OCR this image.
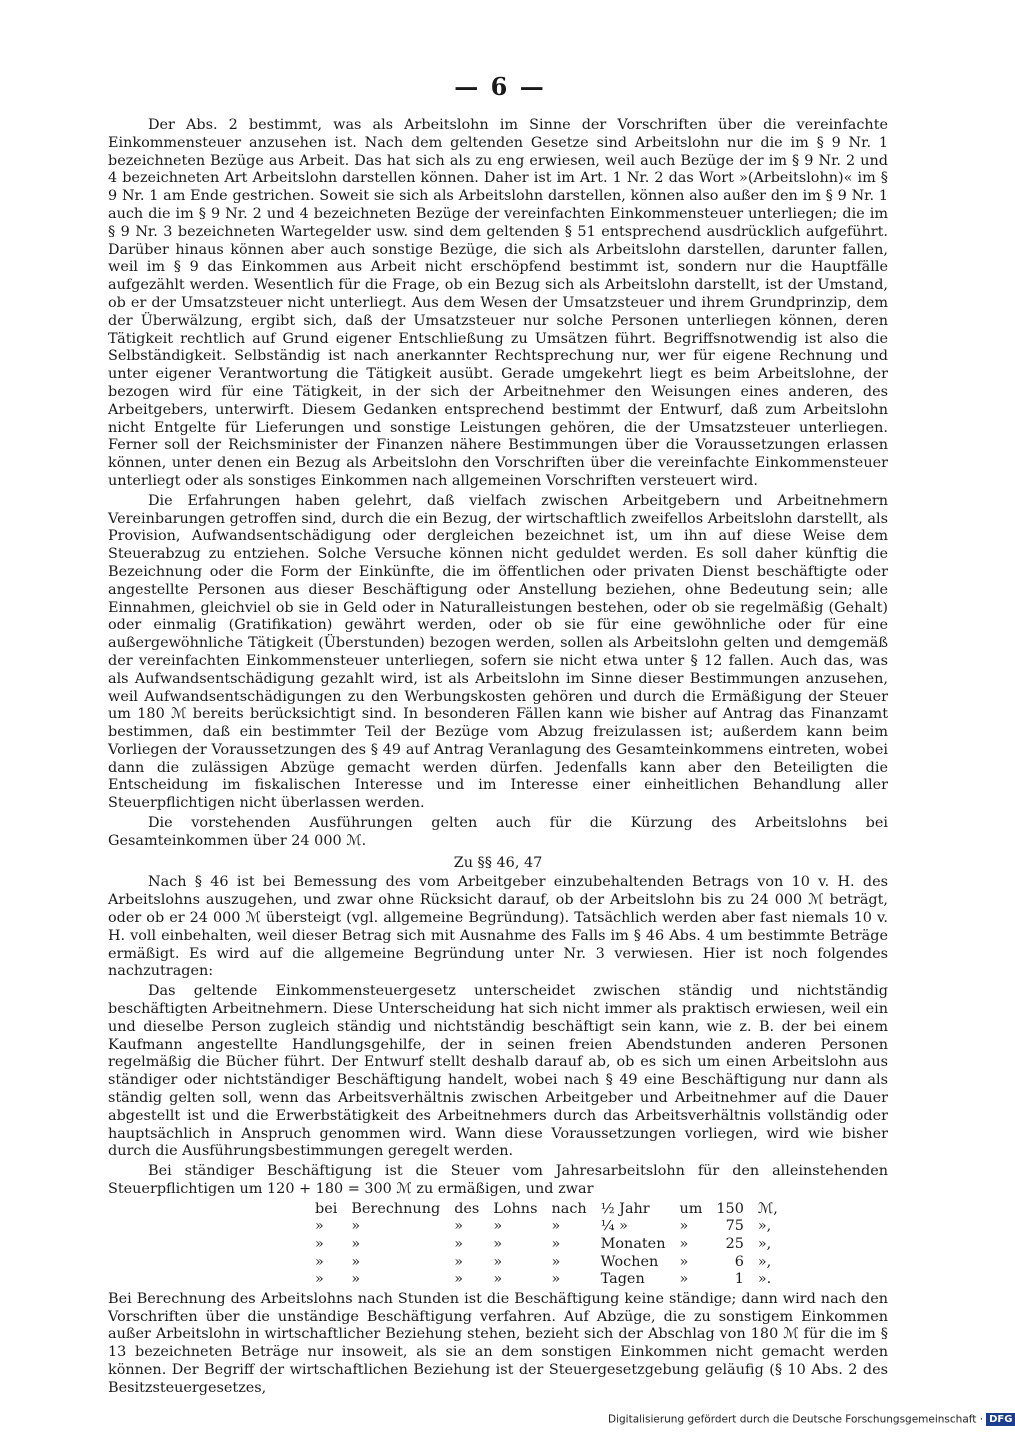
— 6 —

Der Abs. 2 bestimmt, was als Arbeitslohn im Sinne der Vorschriften über die vereinfachte Einkommensteuer anzusehen ist. Nach dem geltenden Gesetze sind Arbeitslohn nur die im § 9 Nr. 1 bezeichneten Bezüge aus Arbeit. Das hat sich als zu eng erwiesen, weil auch Bezüge der im § 9 Nr. 2 und 4 bezeichneten Art Arbeitslohn darstellen können. Daher ist im Art. 1 Nr. 2 das Wort »(Arbeitslohn)« im § 9 Nr. 1 am Ende gestrichen. Soweit sie sich als Arbeitslohn darstellen, können also außer den im § 9 Nr. 1 auch die im § 9 Nr. 2 und 4 bezeichneten Bezüge der vereinfachten Einkommensteuer unterliegen; die im § 9 Nr. 3 bezeichneten Wartegelder usw. sind dem geltenden § 51 entsprechend ausdrücklich aufgeführt. Darüber hinaus können aber auch sonstige Bezüge, die sich als Arbeitslohn darstellen, darunter fallen, weil im § 9 das Einkommen aus Arbeit nicht erschöpfend bestimmt ist, sondern nur die Hauptfälle aufgezählt werden. Wesentlich für die Frage, ob ein Bezug sich als Arbeitslohn darstellt, ist der Umstand, ob er der Umsatzsteuer nicht unterliegt. Aus dem Wesen der Umsatzsteuer und ihrem Grundprinzip, dem der Überwälzung, ergibt sich, daß der Umsatzsteuer nur solche Personen unterliegen können, deren Tätigkeit rechtlich auf Grund eigener Entschließung zu Umsätzen führt. Begriffsnotwendig ist also die Selbständigkeit. Selbständig ist nach anerkannter Rechtsprechung nur, wer für eigene Rechnung und unter eigener Verantwortung die Tätigkeit ausübt. Gerade umgekehrt liegt es beim Arbeitslohne, der bezogen wird für eine Tätigkeit, in der sich der Arbeitnehmer den Weisungen eines anderen, des Arbeitgebers, unterwirft. Diesem Gedanken entsprechend bestimmt der Entwurf, daß zum Arbeitslohn nicht Entgelte für Lieferungen und sonstige Leistungen gehören, die der Umsatzsteuer unterliegen. Ferner soll der Reichsminister der Finanzen nähere Bestimmungen über die Voraussetzungen erlassen können, unter denen ein Bezug als Arbeitslohn den Vorschriften über die vereinfachte Einkommensteuer unterliegt oder als sonstiges Einkommen nach allgemeinen Vorschriften versteuert wird.

Die Erfahrungen haben gelehrt, daß vielfach zwischen Arbeitgebern und Arbeitnehmern Vereinbarungen getroffen sind, durch die ein Bezug, der wirtschaftlich zweifellos Arbeitslohn darstellt, als Provision, Aufwandsentschädigung oder dergleichen bezeichnet ist, um ihn auf diese Weise dem Steuerabzug zu entziehen. Solche Versuche können nicht geduldet werden. Es soll daher künftig die Bezeichnung oder die Form der Einkünfte, die im öffentlichen oder privaten Dienst beschäftigte oder angestellte Personen aus dieser Beschäftigung oder Anstellung beziehen, ohne Bedeutung sein; alle Einnahmen, gleichviel ob sie in Geld oder in Naturalleistungen bestehen, oder ob sie regelmäßig (Gehalt) oder einmalig (Gratifikation) gewährt werden, oder ob sie für eine gewöhnliche oder für eine außergewöhnliche Tätigkeit (Überstunden) bezogen werden, sollen als Arbeitslohn gelten und demgemäß der vereinfachten Einkommensteuer unterliegen, sofern sie nicht etwa unter § 12 fallen. Auch das, was als Aufwandsentschädigung gezahlt wird, ist als Arbeitslohn im Sinne dieser Bestimmungen anzusehen, weil Aufwandsentschädigungen zu den Werbungskosten gehören und durch die Ermäßigung der Steuer um 180 ℳ bereits berücksichtigt sind. In besonderen Fällen kann wie bisher auf Antrag das Finanzamt bestimmen, daß ein bestimmter Teil der Bezüge vom Abzug freizulassen ist; außerdem kann beim Vorliegen der Voraussetzungen des § 49 auf Antrag Veranlagung des Gesamteinkommens eintreten, wobei dann die zulässigen Abzüge gemacht werden dürfen. Jedenfalls kann aber den Beteiligten die Entscheidung im fiskalischen Interesse und im Interesse einer einheitlichen Behandlung aller Steuerpflichtigen nicht überlassen werden.

Die vorstehenden Ausführungen gelten auch für die Kürzung des Arbeitslohns bei Gesamteinkommen über 24 000 ℳ.

Zu §§ 46, 47

Nach § 46 ist bei Bemessung des vom Arbeitgeber einzubehaltenden Betrags von 10 v. H. des Arbeitslohns auszugehen, und zwar ohne Rücksicht darauf, ob der Arbeitslohn bis zu 24 000 ℳ beträgt, oder ob er 24 000 ℳ übersteigt (vgl. allgemeine Begründung). Tatsächlich werden aber fast niemals 10 v. H. voll einbehalten, weil dieser Betrag sich mit Ausnahme des Falls im § 46 Abs. 4 um bestimmte Beträge ermäßigt. Es wird auf die allgemeine Begründung unter Nr. 3 verwiesen. Hier ist noch folgendes nachzutragen:

Das geltende Einkommensteuergesetz unterscheidet zwischen ständig und nichtständig beschäftigten Arbeitnehmern. Diese Unterscheidung hat sich nicht immer als praktisch erwiesen, weil ein und dieselbe Person zugleich ständig und nichtständig beschäftigt sein kann, wie z. B. der bei einem Kaufmann angestellte Handlungsgehilfe, der in seinen freien Abendstunden anderen Personen regelmäßig die Bücher führt. Der Entwurf stellt deshalb darauf ab, ob es sich um einen Arbeitslohn aus ständiger oder nichtständiger Beschäftigung handelt, wobei nach § 49 eine Beschäftigung nur dann als ständig gelten soll, wenn das Arbeitsverhältnis zwischen Arbeitgeber und Arbeitnehmer auf die Dauer abgestellt ist und die Erwerbstätigkeit des Arbeitnehmers durch das Arbeitsverhältnis vollständig oder hauptsächlich in Anspruch genommen wird. Wann diese Voraussetzungen vorliegen, wird wie bisher durch die Ausführungsbestimmungen geregelt werden.

Bei ständiger Beschäftigung ist die Steuer vom Jahresarbeitslohn für den alleinstehenden Steuerpflichtigen um 120 + 180 = 300 ℳ zu ermäßigen, und zwar

bei	Berechnung	des	Lohns	nach	½ Jahr	um	150	ℳ,
»	»	»	»	»	¼ »	»	75	»,
»	»	»	»	»	Monaten	»	25	»,
»	»	»	»	»	Wochen	»	6	»,
»	»	»	»	»	Tagen	»	1	».

Bei Berechnung des Arbeitslohns nach Stunden ist die Beschäftigung keine ständige; dann wird nach den Vorschriften über die unständige Beschäftigung verfahren. Auf Abzüge, die zu sonstigem Einkommen außer Arbeitslohn in wirtschaftlicher Beziehung stehen, bezieht sich der Abschlag von 180 ℳ für die im § 13 bezeichneten Beträge nur insoweit, als sie an dem sonstigen Einkommen nicht gemacht werden können. Der Begriff der wirtschaftlichen Beziehung ist der Steuergesetzgebung geläufig (§ 10 Abs. 2 des Besitzsteuergesetzes,

Digitalisierung gefördert durch die Deutsche Forschungsgemeinschaft · DFG
